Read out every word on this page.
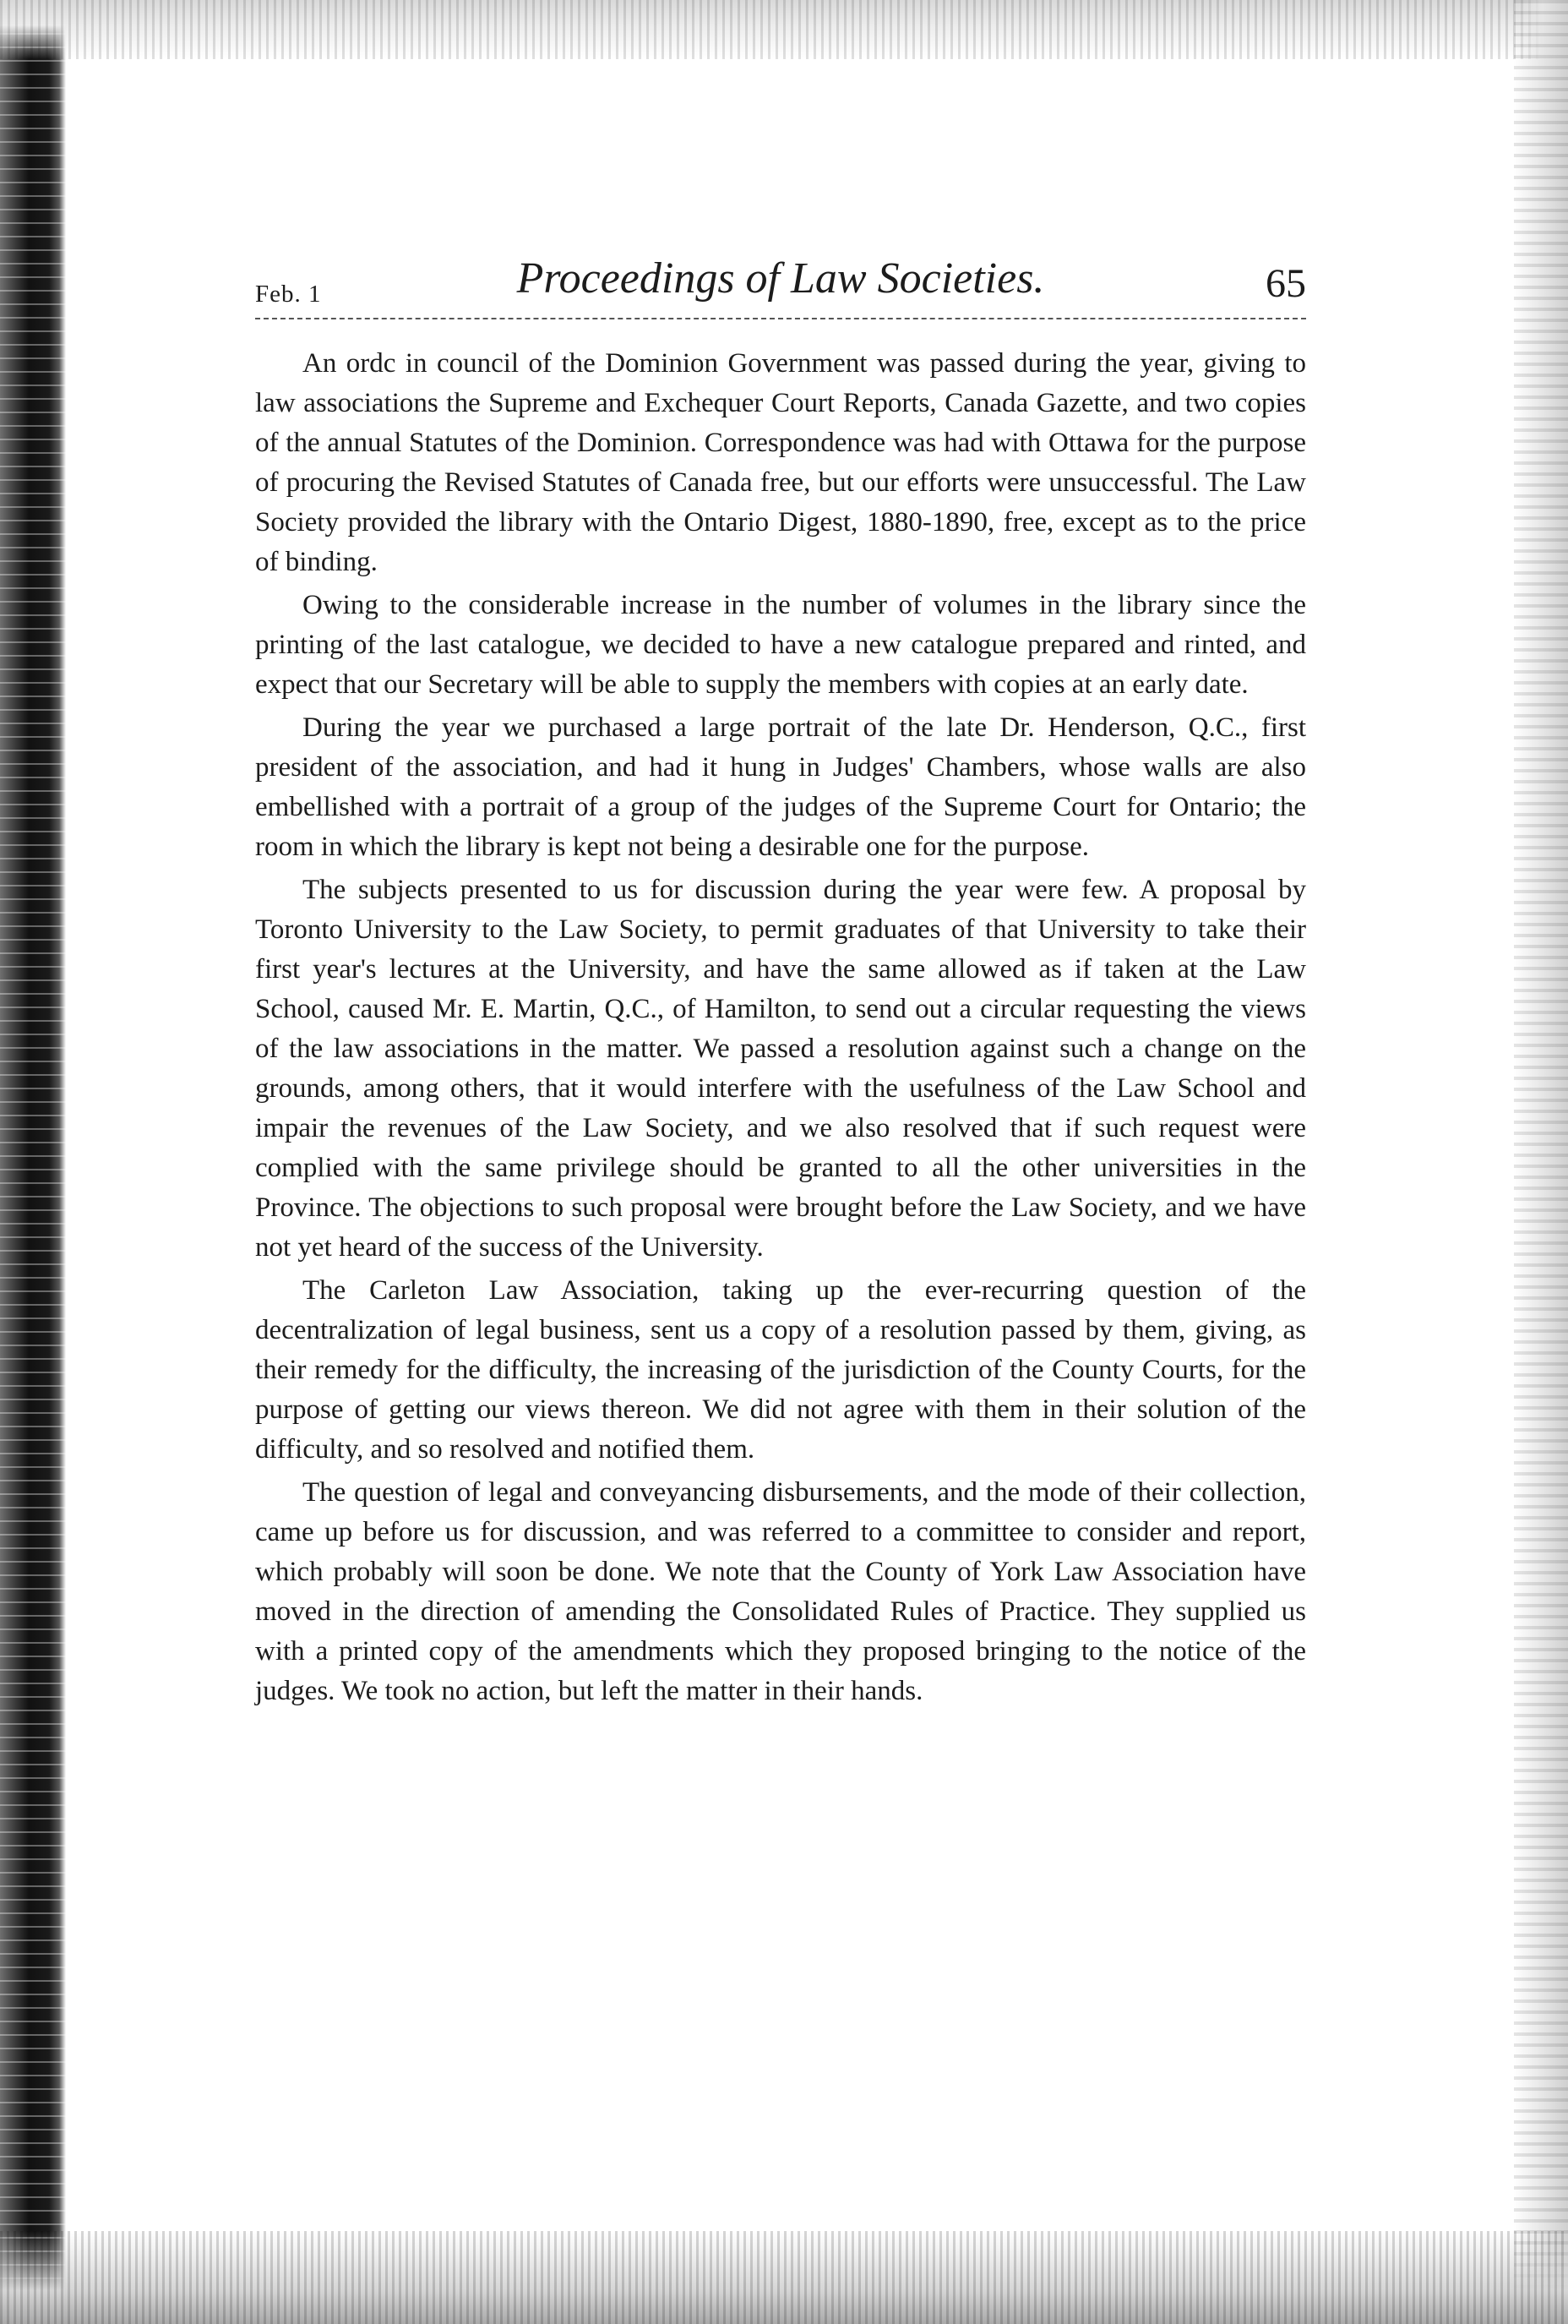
Feb. 1	Proceedings of Law Societies.	65

An ordc in council of the Dominion Government was passed during the year, giving to law associations the Supreme and Exchequer Court Reports, Canada Gazette, and two copies of the annual Statutes of the Dominion. Correspondence was had with Ottawa for the purpose of procuring the Revised Statutes of Canada free, but our efforts were unsuccessful. The Law Society provided the library with the Ontario Digest, 1880-1890, free, except as to the price of binding.

Owing to the considerable increase in the number of volumes in the library since the printing of the last catalogue, we decided to have a new catalogue prepared and rinted, and expect that our Secretary will be able to supply the members with copies at an early date.

During the year we purchased a large portrait of the late Dr. Henderson, Q.C., first president of the association, and had it hung in Judges' Chambers, whose walls are also embellished with a portrait of a group of the judges of the Supreme Court for Ontario; the room in which the library is kept not being a desirable one for the purpose.

The subjects presented to us for discussion during the year were few. A proposal by Toronto University to the Law Society, to permit graduates of that University to take their first year's lectures at the University, and have the same allowed as if taken at the Law School, caused Mr. E. Martin, Q.C., of Hamilton, to send out a circular requesting the views of the law associations in the matter. We passed a resolution against such a change on the grounds, among others, that it would interfere with the usefulness of the Law School and impair the revenues of the Law Society, and we also resolved that if such request were complied with the same privilege should be granted to all the other universities in the Province. The objections to such proposal were brought before the Law Society, and we have not yet heard of the success of the University.

The Carleton Law Association, taking up the ever-recurring question of the decentralization of legal business, sent us a copy of a resolution passed by them, giving, as their remedy for the difficulty, the increasing of the jurisdiction of the County Courts, for the purpose of getting our views thereon. We did not agree with them in their solution of the difficulty, and so resolved and notified them.

The question of legal and conveyancing disbursements, and the mode of their collection, came up before us for discussion, and was referred to a committee to consider and report, which probably will soon be done. We note that the County of York Law Association have moved in the direction of amending the Consolidated Rules of Practice. They supplied us with a printed copy of the amendments which they proposed bringing to the notice of the judges. We took no action, but left the matter in their hands.
